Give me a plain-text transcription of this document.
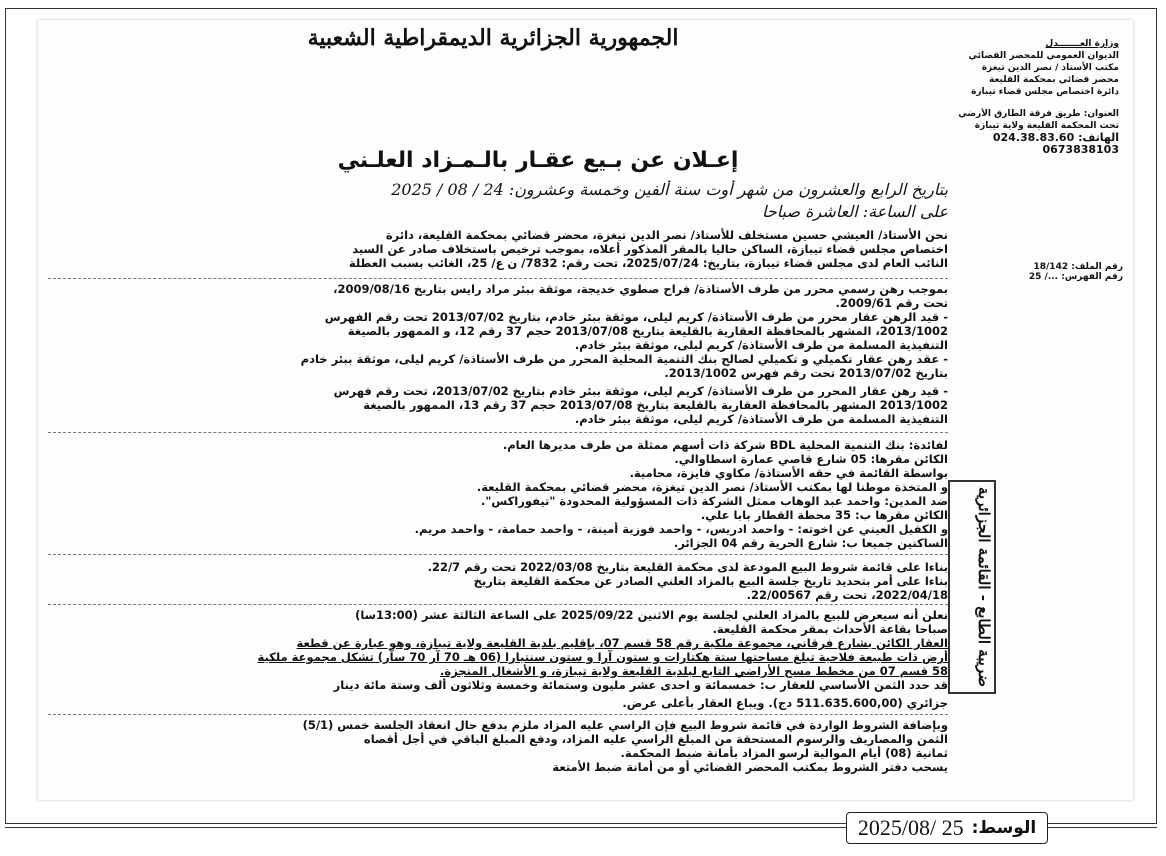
الجمهورية الجزائرية الديمقراطية الشعبية	وزارة العـــــــدل
الديوان العمومي للمحضر القضائي
مكتب الأستاذ / نصر الدين تيغزة
محضر قضائي بمحكمة القليعة
دائرة اختصاص مجلس قضاء تيبازة
العنوان: طريق فرقة الطارق الأرضي
تحت المحكمة القليعة ولاية تيبازة
الهاتف: 024.38.83.60
0673838103
رقم الملف: 18/142
رقم الفهرس: .../ 25
إعـلان عن بـيع عقـار بالـمـزاد العلـني
بتاريخ الرابع والعشرون من شهر أوت سنة ألفين وخمسة وعشرون: 24 / 08 / 2025
على الساعة: العاشرة صباحا
نحن الأستاذ/ العيشي حسين مستخلف للأستاذ/ نصر الدين تيغزة، محضر قضائي بمحكمة القليعة، دائرة
اختصاص مجلس قضاء تيبازة، الساكن حاليا بالمقر المذكور أعلاه، بموجب ترخيص باستخلاف صادر عن السيد
النائب العام لدى مجلس قضاء تيبازة، بتاريخ: 2025/07/24، تحت رقم: 7832/ ن ع/ 25، الغائب بسبب العطلة
بموجب رهن رسمي محرر من طرف الأستاذة/ فراح صطوي خديجة، موثقة ببئر مراد رايس بتاريخ 2009/08/16،
تحت رقم 2009/61.
- قيد الرهن عقار محرر من طرف الأستاذة/ كريم ليلى، موثقة ببئر خادم، بتاريخ 2013/07/02 تحت رقم الفهرس
2013/1002، المشهر بالمحافظة العقارية بالقليعة بتاريخ 2013/07/08 حجم 37 رقم 12، و الممهور بالصيغة
التنفيذية المسلمة من طرف الأستاذة/ كريم ليلى، موثقة ببئر خادم.
- عقد رهن عقار تكميلي و تكميلي لصالح بنك التنمية المحلية المحرر من طرف الأستاذة/ كريم ليلى، موثقة ببئر خادم
بتاريخ 2013/07/02 تحت رقم فهرس 2013/1002.
- قيد رهن عقار المحرر من طرف الأستاذة/ كريم ليلى، موثقة ببئر خادم بتاريخ 2013/07/02، تحت رقم فهرس
2013/1002 المشهر بالمحافظة العقارية بالقليعة بتاريخ 2013/07/08 حجم 37 رقم 13، الممهور بالصيغة
التنفيذية المسلمة من طرف الأستاذة/ كريم ليلى، موثقة ببئر خادم.
لفائدة: بنك التنمية المحلية BDL شركة ذات أسهم ممثلة من طرف مديرها العام.
الكائن مقرها: 05 شارع قاصي عمارة اسطاوالي.
بواسطة القائمة في حقه الأستاذة/ مكاوي فايزة، محامية.
و المتخذة موطنا لها بمكتب الأستاذ/ نصر الدين تيغزة، محضر قضائي بمحكمة القليعة.
ضد المدين: واحمد عبد الوهاب ممثل الشركة ذات المسؤولية المحدودة "تيفوراكس".
الكائن مقرها ب: 35 محطة القطار بابا علي.
و الكفيل العيني عن اخوته: - واحمد ادريس، - واحمد فوزية أمينة، - واحمد حمامة، - واحمد مريم.
الساكنين جميعا ب: شارع الحرية رقم 04 الجزائر.
بناءا على قائمة شروط البيع المودعة لدى محكمة القليعة بتاريخ 2022/03/08 تحت رقم 22/7.
بناءا على أمر بتحديد تاريخ جلسة البيع بالمزاد العلني الصادر عن محكمة القليعة بتاريخ
2022/04/18، تحت رقم 22/00567.
نعلن أنه سيعرض للبيع بالمزاد العلني لجلسة يوم الاثنين 2025/09/22 على الساعة الثالثة عشر (13:00سا)
صباحا بقاعة الأحداث بمقر محكمة القليعة.
العقار الكائن بشارع فرقاني، مجموعة ملكية رقم 58 قسم 07، بإقليم بلدية القليعة ولاية تيبازة، وهو عبارة عن قطعة
أرض ذات طبيعة فلاحية تبلغ مساحتها ستة هكتارات و ستون آرا و ستون سنتيارا (06 هـ 70 آر 70 سآر) تشكل مجموعة ملكية
58 قسم 07 من مخطط مسح الأراضي التابع لبلدية القليعة ولاية تيبازة، و الأشغال المنجزة.
قد حدد الثمن الأساسي للعقار ب: خمسمائة و احدى عشر مليون وستمائة وخمسة وثلاثون ألف وستة مائة دينار
جزائري (511.635.600,00 دج). ويباع العقار بأعلى عرض.
وبإضافة الشروط الواردة في قائمة شروط البيع فإن الراسي عليه المزاد ملزم بدفع حال انعقاد الجلسة خمس (5/1)
الثمن والمصاريف والرسوم المستحقة من المبلغ الراسي عليه المزاد، ودفع المبلغ الباقي في أجل أقصاه
ثمانية (08) أيام الموالية لرسو المزاد بأمانة ضبط المحكمة.
يسحب دفتر الشروط بمكتب المحضر القضائي أو من أمانة ضبط الأمتعة
ضريبة الطابع - القائمة الجزائرية
الوسط:
2025/08/ 25
